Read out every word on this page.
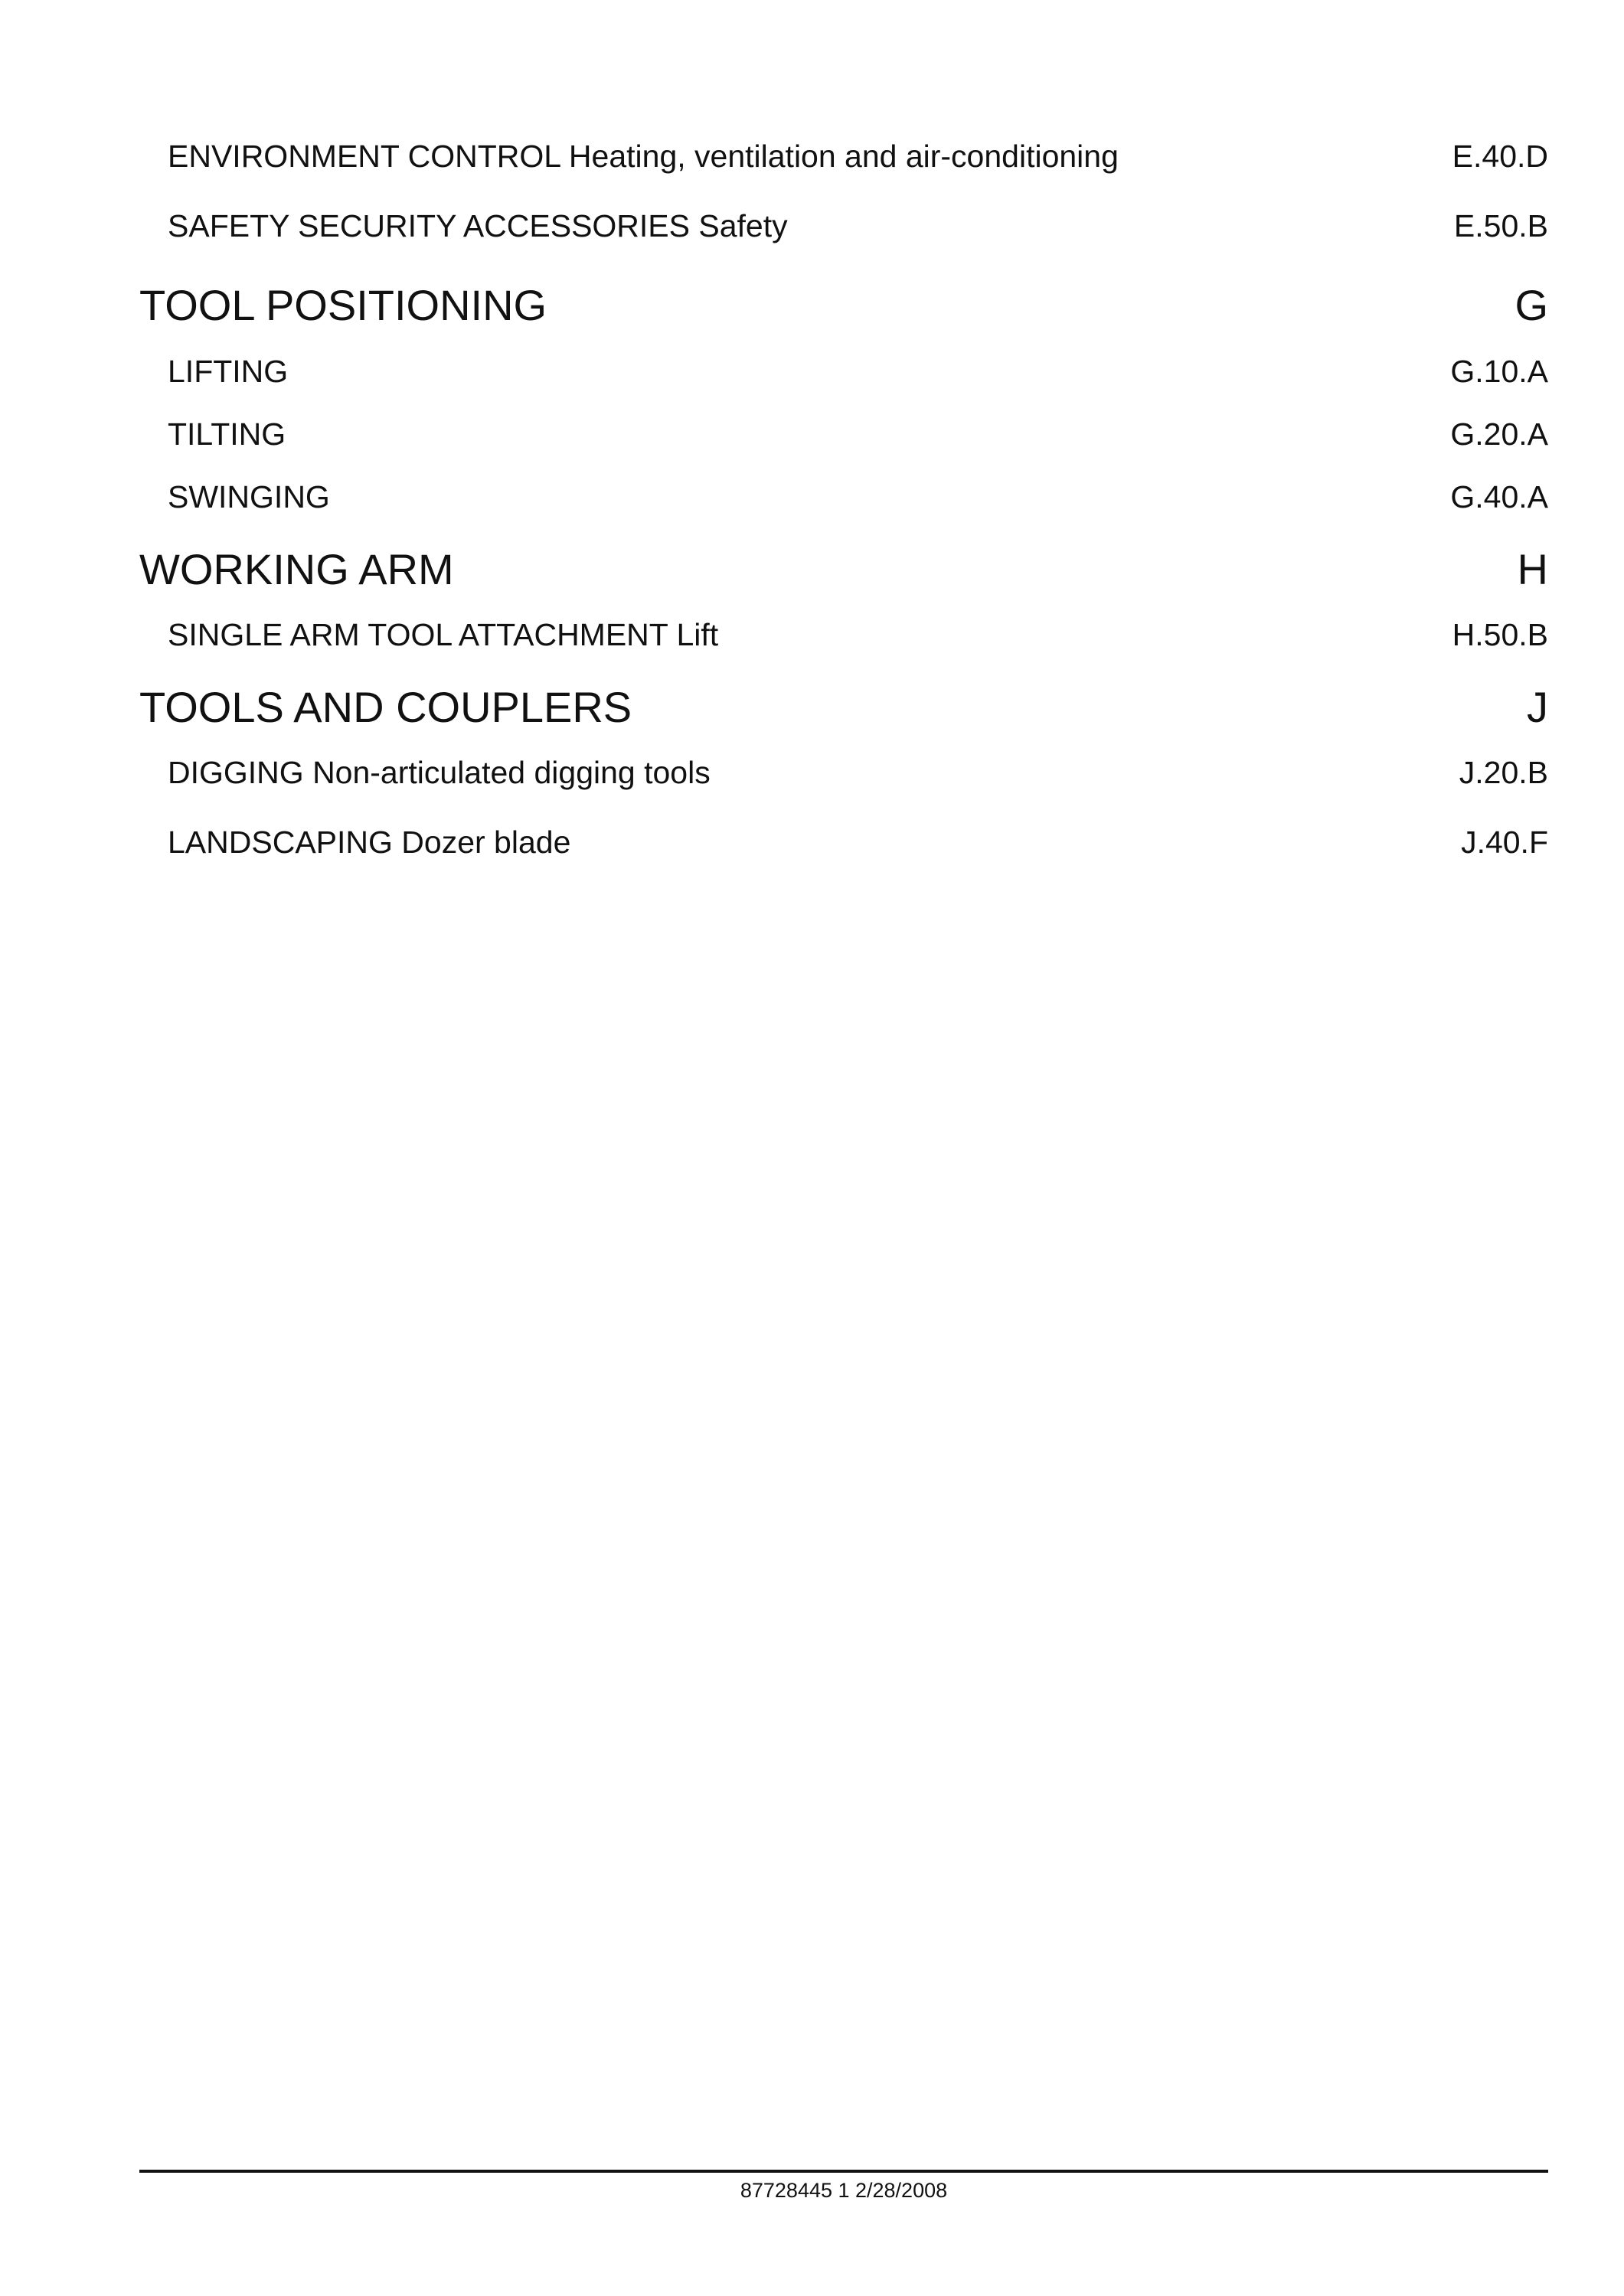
ENVIRONMENT CONTROL Heating, ventilation and air-conditioning	E.40.D
SAFETY SECURITY ACCESSORIES Safety	E.50.B
TOOL POSITIONING	G
LIFTING	G.10.A
TILTING	G.20.A
SWINGING	G.40.A
WORKING ARM	H
SINGLE ARM TOOL ATTACHMENT Lift	H.50.B
TOOLS AND COUPLERS	J
DIGGING Non-articulated digging tools	J.20.B
LANDSCAPING Dozer blade	J.40.F
87728445 1 2/28/2008
